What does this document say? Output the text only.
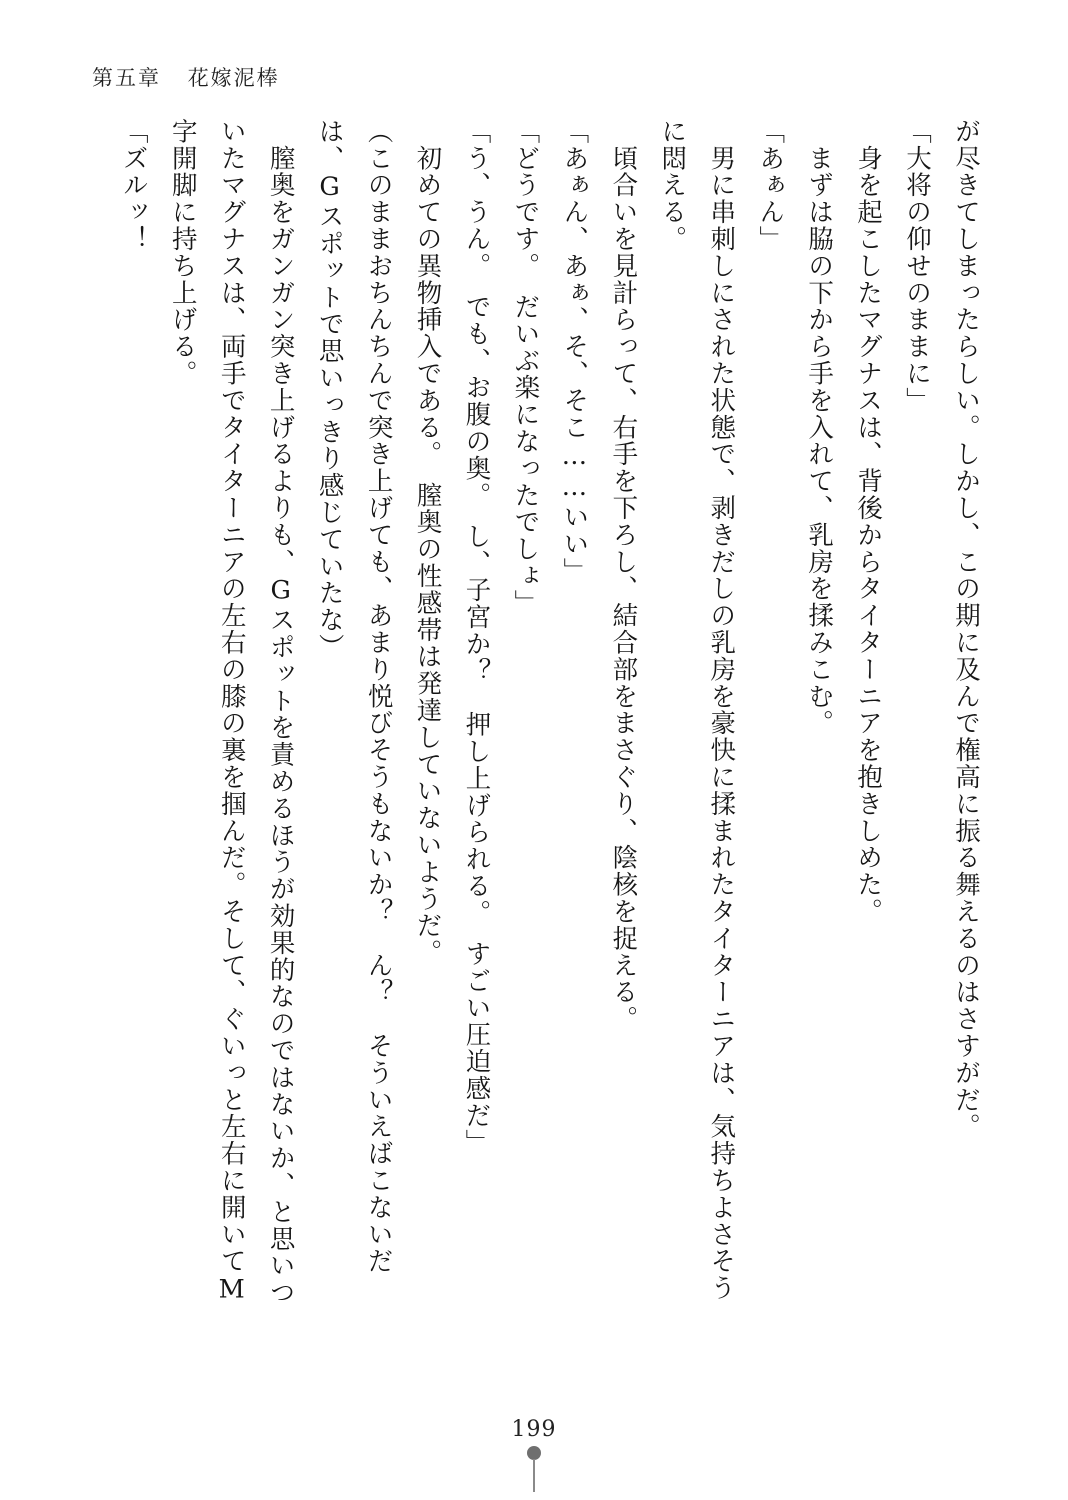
第五章 花嫁泥棒

が尽きてしまったらしい。しかし、この期に及んで権高に振る舞えるのはさすがだ。

「大将の仰せのままに」

　身を起こしたマグナスは、背後からタイターニアを抱きしめた。

　まずは脇の下から手を入れて、乳房を揉みこむ。

「あぁん」

　男に串刺しにされた状態で、剥きだしの乳房を豪快に揉まれたタイターニアは、気持ちよさそうに悶える。

　頃合いを見計らって、右手を下ろし、結合部をまさぐり、陰核を捉える。

「あぁん、あぁ、そ、そこ……いい」

「どうです。　だいぶ楽になったでしょ」

「う、うん。　でも、お腹の奥。　し、子宮か？　押し上げられる。　すごい圧迫感だ」

　初めての異物挿入である。　膣奥の性感帯は発達していないようだ。

（このままおちんちんで突き上げても、あまり悦びそうもないか？　ん？　そういえばこないだは、Gスポットで思いっきり感じていたな）

　膣奥をガンガン突き上げるよりも、Gスポットを責めるほうが効果的なのではないか、と思いついたマグナスは、両手でタイターニアの左右の膝の裏を掴んだ。そして、ぐいっと左右に開いてM字開脚に持ち上げる。

「ズルッ！

199
